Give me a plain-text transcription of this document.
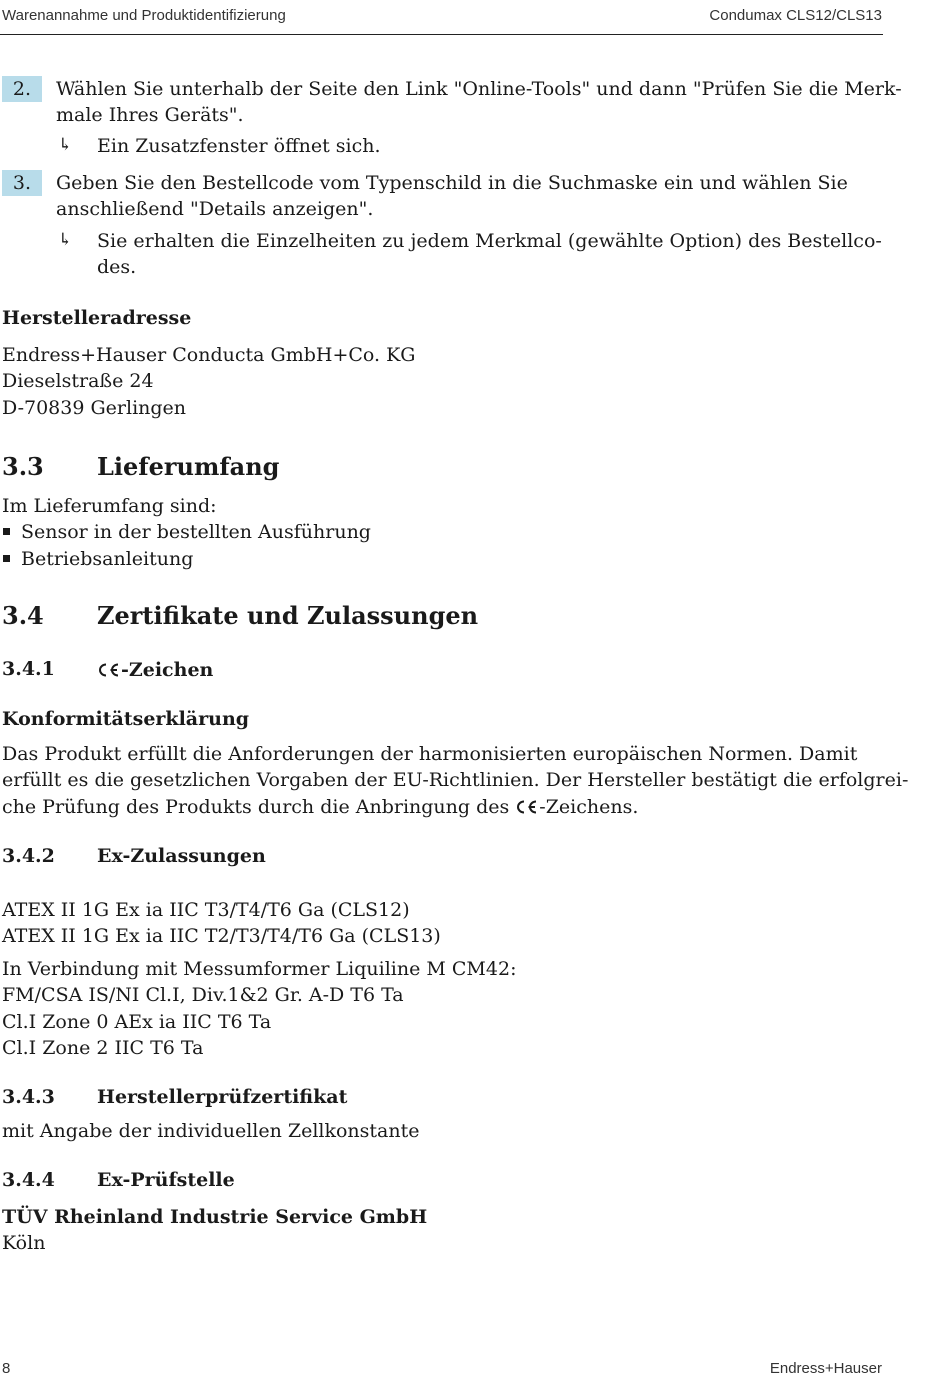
Warenannahme und Produktidentifizierung	Condumax CLS12/CLS13
2.	Wählen Sie unterhalb der Seite den Link "Online-Tools" und dann "Prüfen Sie die Merk-
male Ihres Geräts".
↳ Ein Zusatzfenster öffnet sich.
3.	Geben Sie den Bestellcode vom Typenschild in die Suchmaske ein und wählen Sie
anschließend "Details anzeigen".
↳ Sie erhalten die Einzelheiten zu jedem Merkmal (gewählte Option) des Bestellco-
des.
Herstelleradresse
Endress+Hauser Conducta GmbH+Co. KG
Dieselstraße 24
D-70839 Gerlingen
3.3 Lieferumfang
Im Lieferumfang sind:
Sensor in der bestellten Ausführung
Betriebsanleitung
3.4 Zertifikate und Zulassungen
3.4.1	-Zeichen
Konformitätserklärung
Das Produkt erfüllt die Anforderungen der harmonisierten europäischen Normen. Damit
erfüllt es die gesetzlichen Vorgaben der EU-Richtlinien. Der Hersteller bestätigt die erfolgrei-
che Prüfung des Produkts durch die Anbringung des -Zeichens.
3.4.2 Ex-Zulassungen
ATEX II 1G Ex ia IIC T3/T4/T6 Ga (CLS12)
ATEX II 1G Ex ia IIC T2/T3/T4/T6 Ga (CLS13)
In Verbindung mit Messumformer Liquiline M CM42:
FM/CSA IS/NI Cl.I, Div.1&2 Gr. A-D T6 Ta
Cl.I Zone 0 AEx ia IIC T6 Ta
Cl.I Zone 2 IIC T6 Ta
3.4.3 Herstellerprüfzertifikat
mit Angabe der individuellen Zellkonstante
3.4.4 Ex-Prüfstelle
TÜV Rheinland Industrie Service GmbH
Köln
8	Endress+Hauser
